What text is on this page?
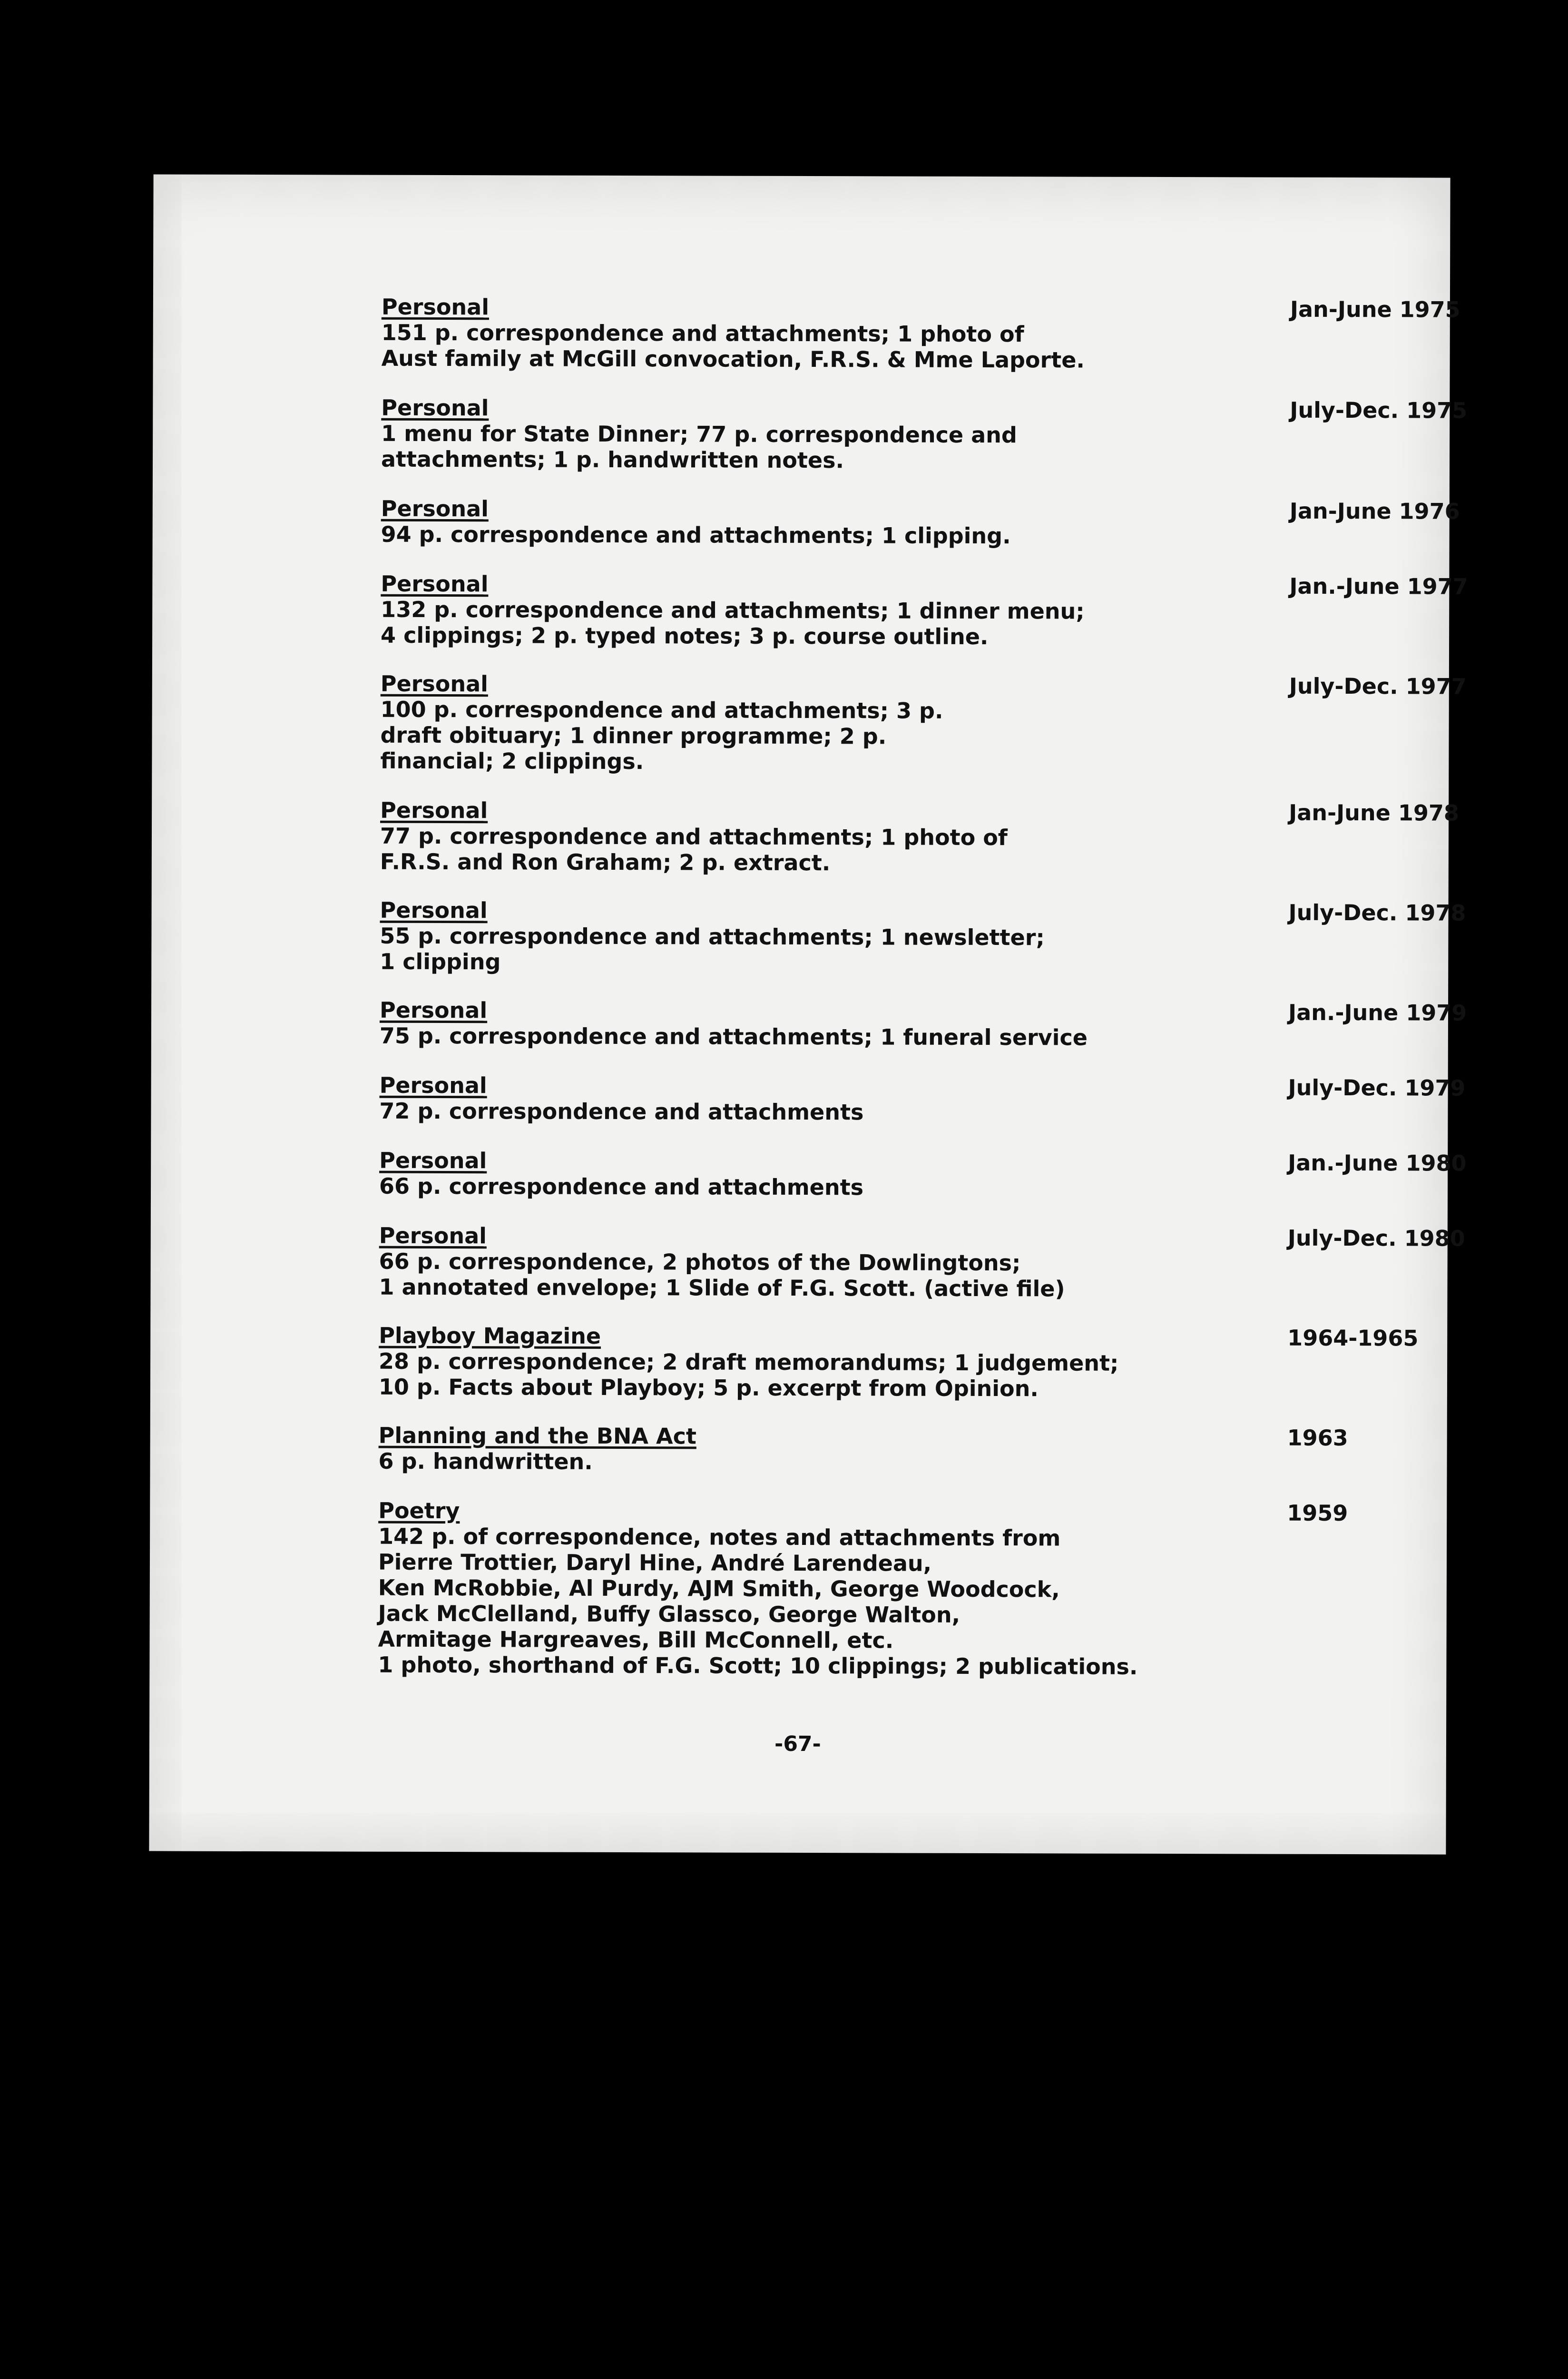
Personal
151 p. correspondence and attachments; 1 photo of
Aust family at McGill convocation, F.R.S. & Mme Laporte.
Jan-June 1975
Personal
1 menu for State Dinner; 77 p. correspondence and
attachments; 1 p. handwritten notes.
July-Dec. 1975
Personal
94 p. correspondence and attachments; 1 clipping.
Jan-June 1976
Personal
132 p. correspondence and attachments; 1 dinner menu;
4 clippings; 2 p. typed notes; 3 p. course outline.
Jan.-June 1977
Personal
100 p. correspondence and attachments; 3 p.
draft obituary; 1 dinner programme; 2 p.
financial; 2 clippings.
July-Dec. 1977
Personal
77 p. correspondence and attachments; 1 photo of
F.R.S. and Ron Graham; 2 p. extract.
Jan-June 1978
Personal
55 p. correspondence and attachments; 1 newsletter;
1 clipping
July-Dec. 1978
Personal
75 p. correspondence and attachments; 1 funeral service
Jan.-June 1979
Personal
72 p. correspondence and attachments
July-Dec. 1979
Personal
66 p. correspondence and attachments
Jan.-June 1980
Personal
66 p. correspondence, 2 photos of the Dowlingtons;
1 annotated envelope; 1 Slide of F.G. Scott. (active file)
July-Dec. 1980
Playboy Magazine
28 p. correspondence; 2 draft memorandums; 1 judgement;
10 p. Facts about Playboy; 5 p. excerpt from Opinion.
1964-1965
Planning and the BNA Act
6 p. handwritten.
1963
Poetry
142 p. of correspondence, notes and attachments from
Pierre Trottier, Daryl Hine, André Larendeau,
Ken McRobbie, Al Purdy, AJM Smith, George Woodcock,
Jack McClelland, Buffy Glassco, George Walton,
Armitage Hargreaves, Bill McConnell, etc.
1 photo, shorthand of F.G. Scott; 10 clippings; 2 publications.
1959
-67-
